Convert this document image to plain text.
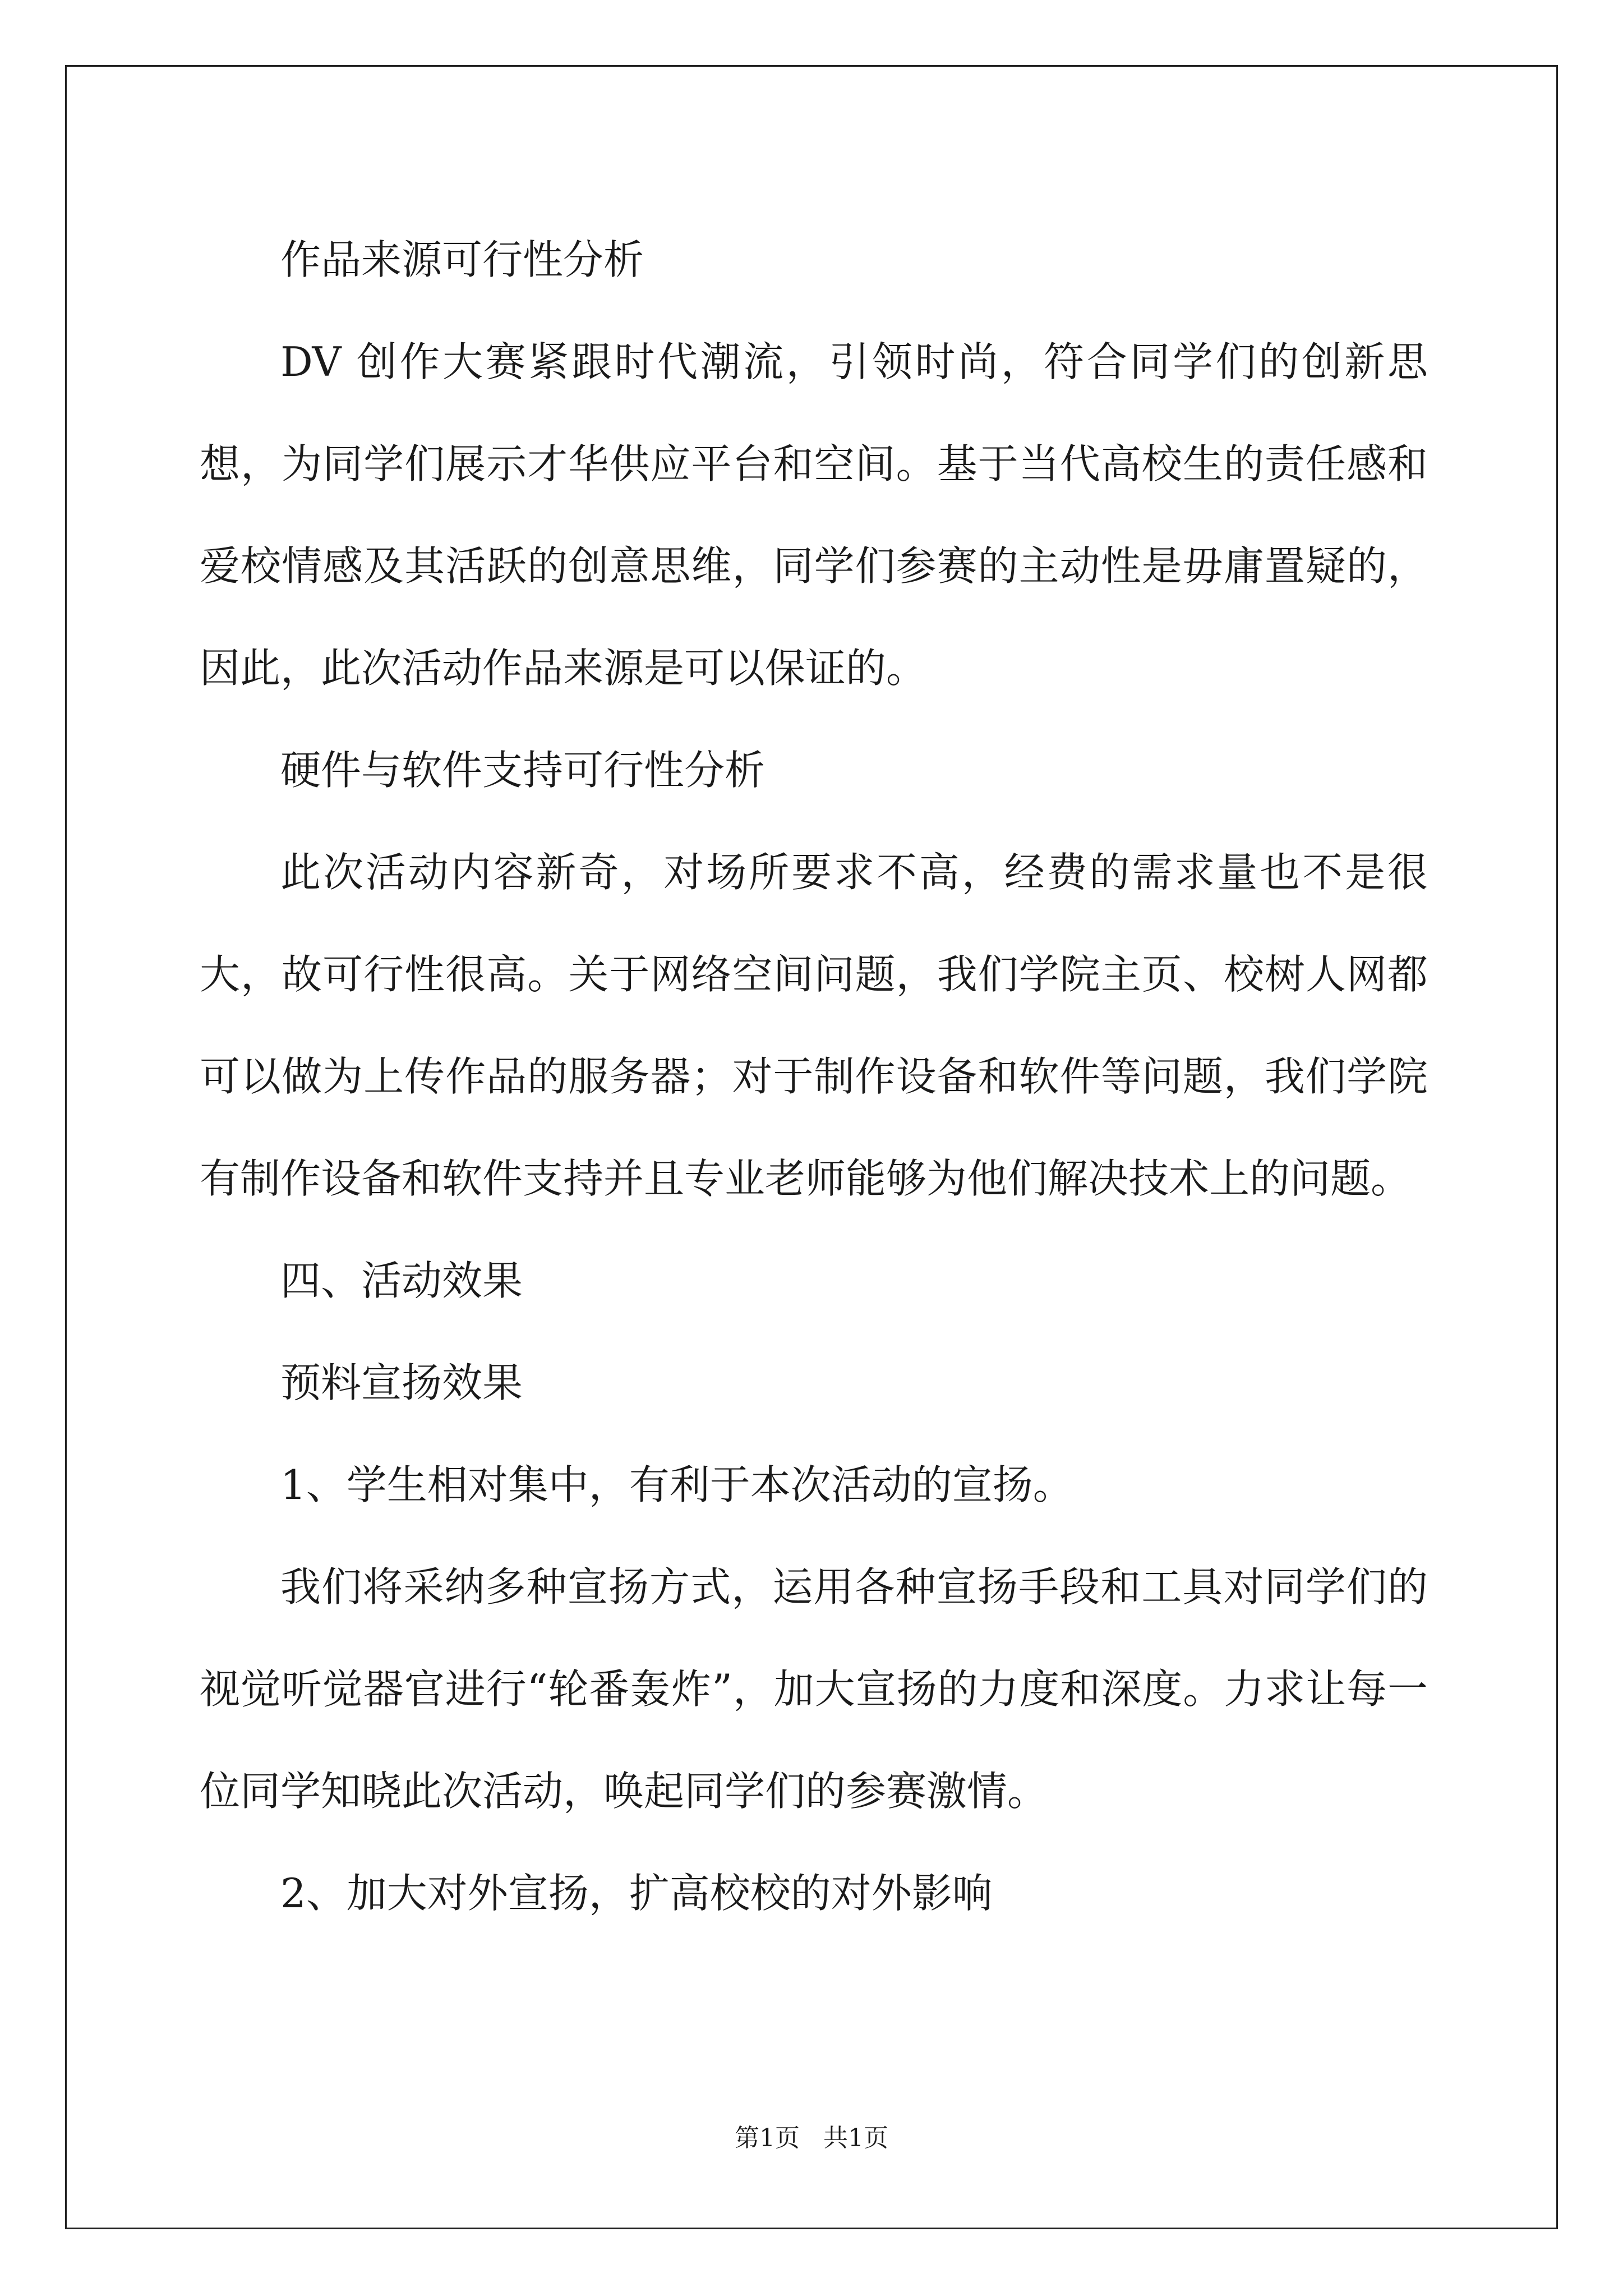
作品来源可行性分析

DV 创作大赛紧跟时代潮流，引领时尚，符合同学们的创新思想，为同学们展示才华供应平台和空间。基于当代高校生的责任感和爱校情感及其活跃的创意思维，同学们参赛的主动性是毋庸置疑的，因此，此次活动作品来源是可以保证的。

硬件与软件支持可行性分析

此次活动内容新奇，对场所要求不高，经费的需求量也不是很大，故可行性很高。关于网络空间问题，我们学院主页、校树人网都可以做为上传作品的服务器；对于制作设备和软件等问题，我们学院有制作设备和软件支持并且专业老师能够为他们解决技术上的问题。

四、活动效果

预料宣扬效果

1、学生相对集中，有利于本次活动的宣扬。

我们将采纳多种宣扬方式，运用各种宣扬手段和工具对同学们的视觉听觉器官进行“轮番轰炸”，加大宣扬的力度和深度。力求让每一位同学知晓此次活动，唤起同学们的参赛激情。

2、加大对外宣扬，扩高校校的对外影响

第1页 共1页
